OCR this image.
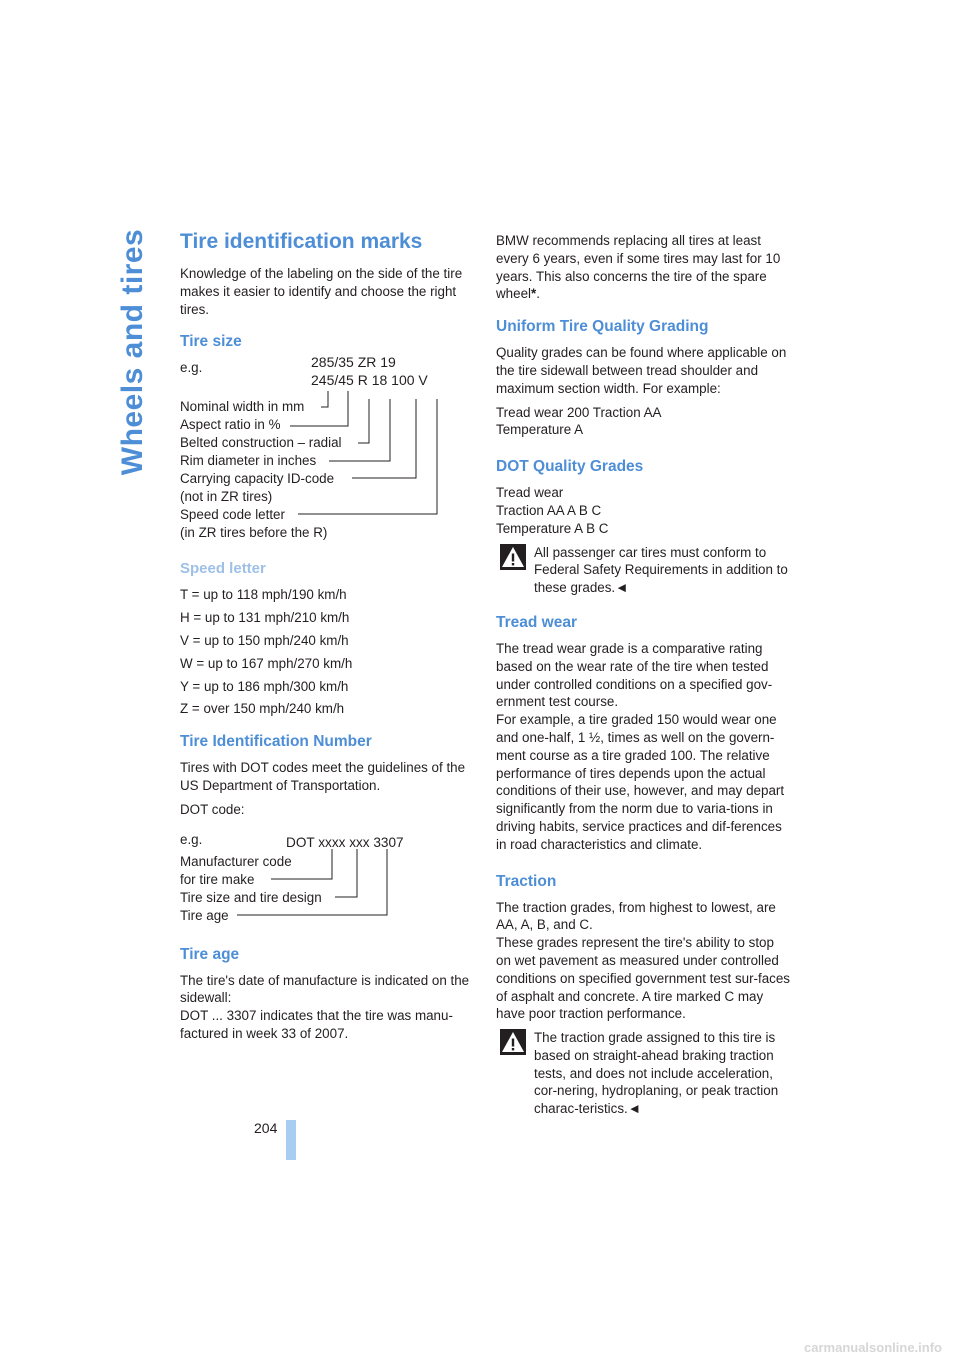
Wheels and tires
204
Tire identification marks

Knowledge of the labeling on the side of the tire makes it easier to identify and choose the right tires.

Tire size
e.g.	285/35 ZR 19
245/45 R 18 100 V
Nominal width in mm
Aspect ratio in %
Belted construction – radial
Rim diameter in inches
Carrying capacity ID-code
(not in ZR tires)
Speed code letter
(in ZR tires before the R)
Speed letter

T = up to 118 mph/190 km/h

H = up to 131 mph/210 km/h

V = up to 150 mph/240 km/h

W = up to 167 mph/270 km/h

Y = up to 186 mph/300 km/h

Z = over 150 mph/240 km/h

Tire Identification Number

Tires with DOT codes meet the guidelines of the US Department of Transportation.

DOT code:

e.g.	DOT xxxx xxx 3307
Manufacturer code
for tire make
Tire size and tire design
Tire age
Tire age
The tire's date of manufacture is indicated on the sidewall:
DOT ... 3307 indicates that the tire was manu-factured in week 33 of 2007.

BMW recommends replacing all tires at least every 6 years, even if some tires may last for 10 years. This also concerns the tire of the spare wheel*.

Uniform Tire Quality Grading

Quality grades can be found where applicable on the tire sidewall between tread shoulder and maximum section width. For example:

Tread wear 200 Traction AA
Temperature A
DOT Quality Grades
Tread wear
Traction AA A B C
Temperature A B C
All passenger car tires must conform to Federal Safety Requirements in addition to these grades.◄
Tread wear
The tread wear grade is a comparative rating based on the wear rate of the tire when tested under controlled conditions on a specified gov-ernment test course.
For example, a tire graded 150 would wear one and one-half, 1 ½, times as well on the govern-ment course as a tire graded 100. The relative performance of tires depends upon the actual conditions of their use, however, and may depart significantly from the norm due to varia-tions in driving habits, service practices and dif-ferences in road characteristics and climate.
Traction
The traction grades, from highest to lowest, are AA, A, B, and C.
These grades represent the tire's ability to stop on wet pavement as measured under controlled conditions on specified government test sur-faces of asphalt and concrete. A tire marked C may have poor traction performance.
The traction grade assigned to this tire is based on straight-ahead braking traction tests, and does not include acceleration, cor-nering, hydroplaning, or peak traction charac-teristics.◄
carmanualsonline.info
